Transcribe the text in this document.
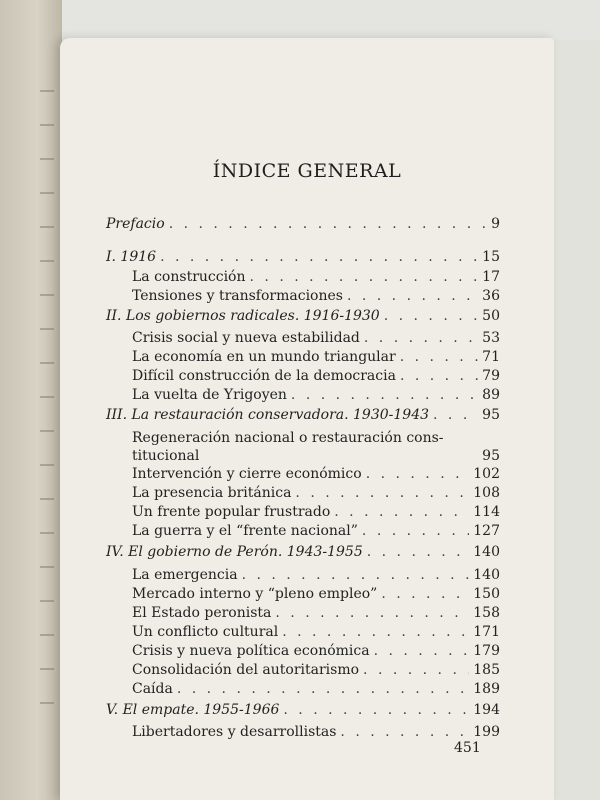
ÍNDICE GENERAL
Prefacio . . .	9
I. 1916 . . .	15
La construcción . . .	17
Tensiones y transformaciones . . .	36
II. Los gobiernos radicales. 1916-1930 . . .	50
Crisis social y nueva estabilidad . . .	53
La economía en un mundo triangular . . .	71
Difícil construcción de la democracia . . .	79
La vuelta de Yrigoyen . . .	89
III. La restauración conservadora. 1930-1943 . . .	95
Regeneración nacional o restauración cons-
titucional	95
Intervención y cierre económico . . .	102
La presencia británica . . .	108
Un frente popular frustrado . . .	114
La guerra y el “frente nacional” . . .	127
IV. El gobierno de Perón. 1943-1955 . . .	140
La emergencia . . .	140
Mercado interno y “pleno empleo” . . .	150
El Estado peronista . . .	158
Un conflicto cultural . . .	171
Crisis y nueva política económica . . .	179
Consolidación del autoritarismo . . .	185
Caída . . .	189
V. El empate. 1955-1966 . . .	194
Libertadores y desarrollistas . . .	199
451
